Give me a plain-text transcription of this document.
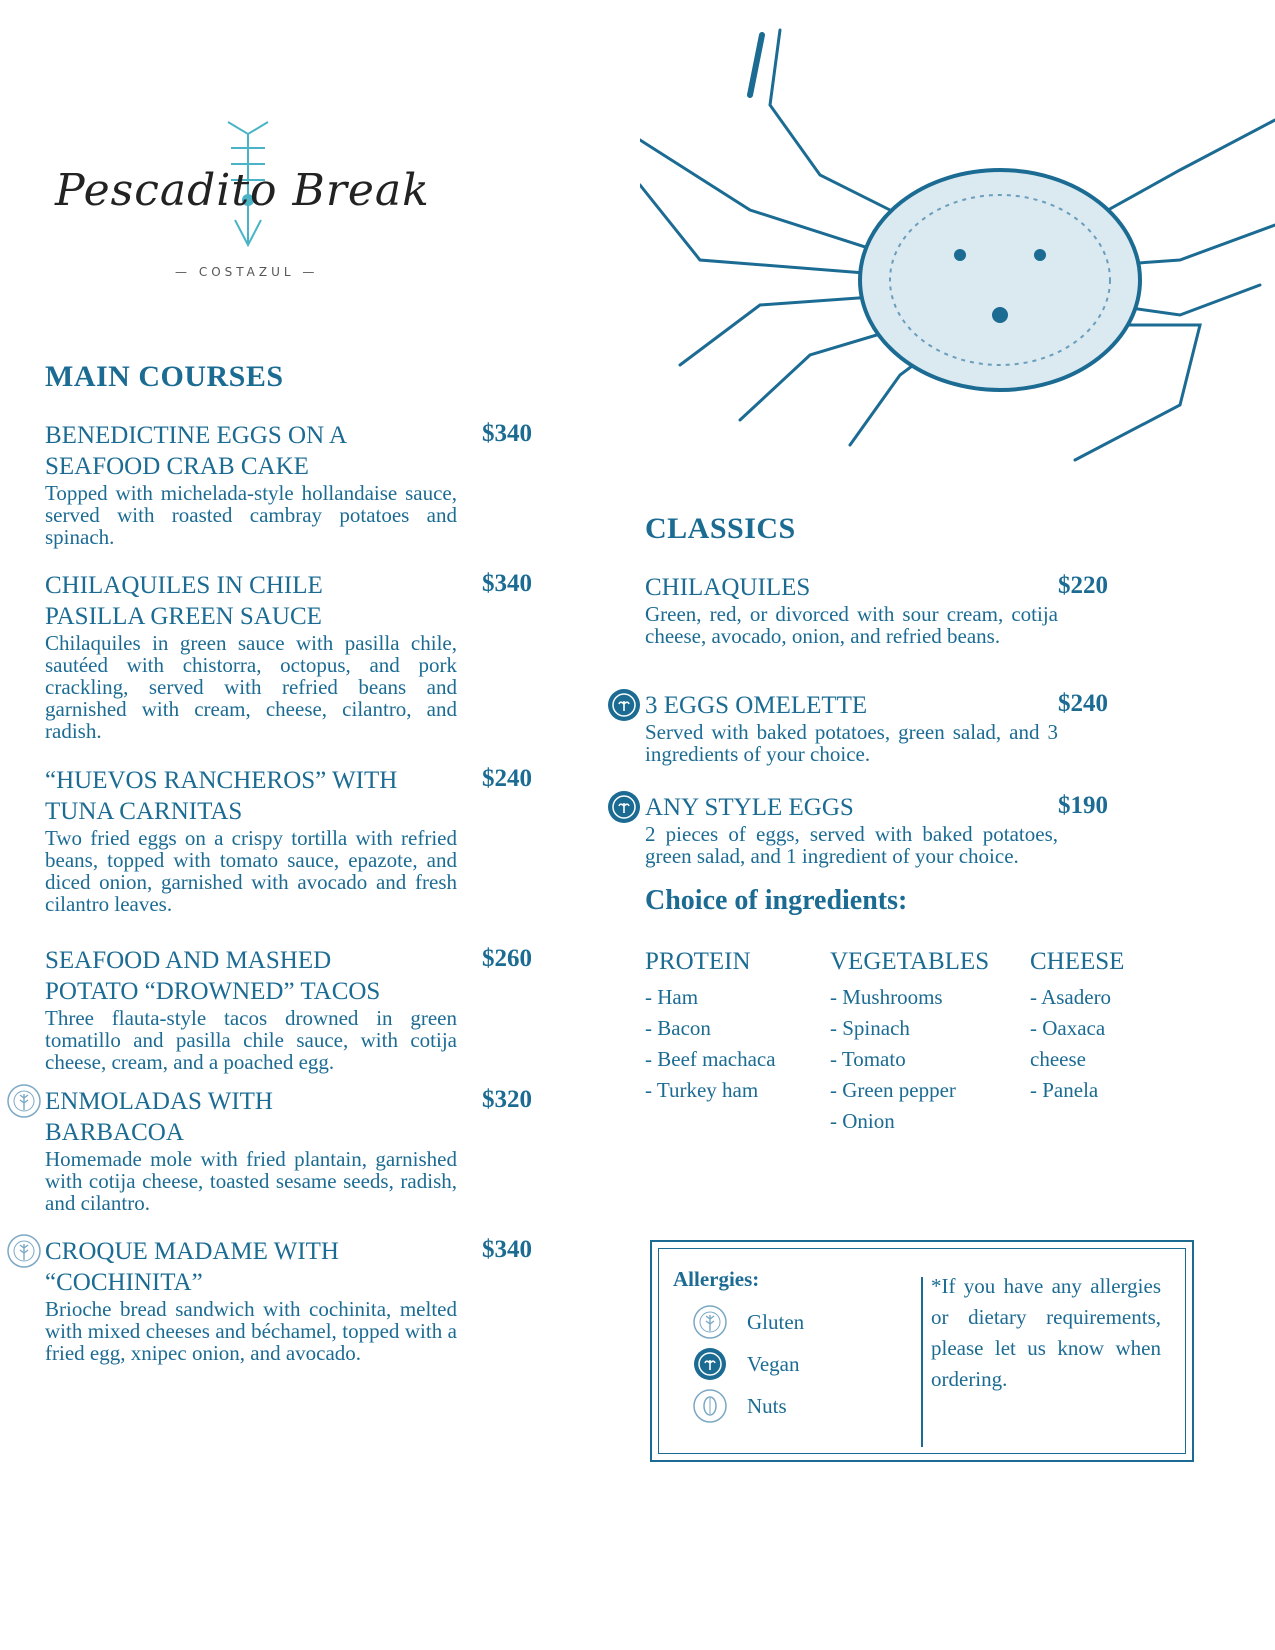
Pescadito Break
— COSTAZUL —
MAIN COURSES
BENEDICTINE EGGS ON A
SEAFOOD CRAB CAKE
$340
Topped with michelada-style hollandaise sauce, served with roasted cambray potatoes and spinach.
CHILAQUILES IN CHILE
PASILLA GREEN SAUCE
$340
Chilaquiles in green sauce with pasilla chile, sautéed with chistorra, octopus, and pork crackling, served with refried beans and garnished with cream, cheese, cilantro, and radish.
“HUEVOS RANCHEROS” WITH
TUNA CARNITAS
$240
Two fried eggs on a crispy tortilla with refried beans, topped with tomato sauce, epazote, and diced onion, garnished with avocado and fresh cilantro leaves.
SEAFOOD AND MASHED
POTATO “DROWNED” TACOS
$260
Three flauta-style tacos drowned in green tomatillo and pasilla chile sauce, with cotija cheese, cream, and a poached egg.
ENMOLADAS WITH
BARBACOA
$320
Homemade mole with fried plantain, garnished with cotija cheese, toasted sesame seeds, radish, and cilantro.
CROQUE MADAME WITH
“COCHINITA”
$340
Brioche bread sandwich with cochinita, melted with mixed cheeses and béchamel, topped with a fried egg, xnipec onion, and avocado.
CLASSICS
CHILAQUILES	$220
Green, red, or divorced with sour cream, cotija cheese, avocado, onion, and refried beans.
3 EGGS OMELETTE	$240
Served with baked potatoes, green salad, and 3 ingredients of your choice.
ANY STYLE EGGS	$190
2 pieces of eggs, served with baked potatoes, green salad, and 1 ingredient of your choice.
Choice of ingredients:
PROTEIN
- Ham
- Bacon
- Beef machaca
- Turkey ham
VEGETABLES
- Mushrooms
- Spinach
- Tomato
- Green pepper
- Onion
CHEESE
- Asadero
- Oaxaca
cheese
- Panela
Allergies:
Gluten
Vegan
Nuts
*If you have any allergies or dietary requirements, please let us know when ordering.
